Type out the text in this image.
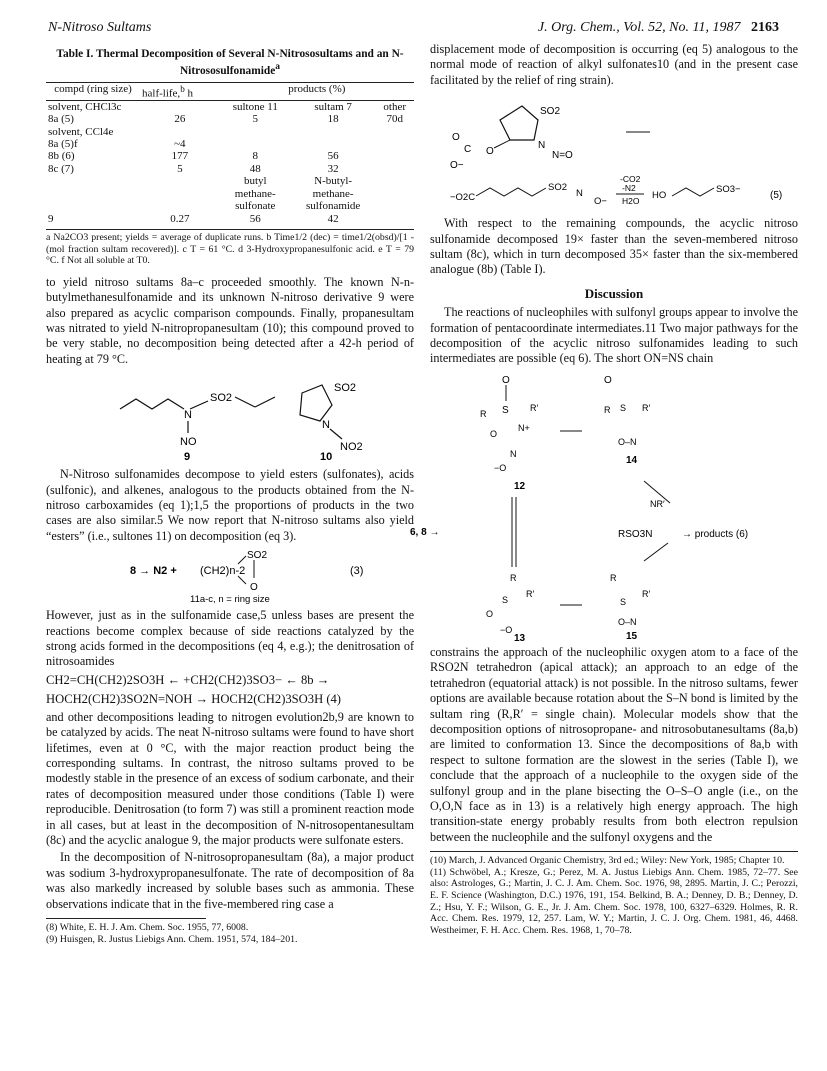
N-Nitroso Sultams	J. Org. Chem., Vol. 52, No. 11, 1987 2163
Table I. Thermal Decomposition of Several N-Nitrososultams and an N-Nitrososulfonamide$^a$
compd (ring size)	half-life,$^b$ h	products (%)		
solvent, CHCl3c		sultone 11	sultam 7	other
8a (5)	26	5	18	70d
solvent, CCl4e				
8a (5)f	~4			
8b (6)	177	8	56	
8c (7)	5	48	32	
		butyl	N-butyl-	
		methane-	methane-	
		sulfonate	sulfonamide	
9	0.27	56	42	
a Na2CO3 present; yields = average of duplicate runs. b Time1/2 (dec) = time1/2(obsd)/[1 - (mol fraction sultam recovered)]. c T = 61 °C. d 3-Hydroxypropanesulfonic acid. e T = 79 °C. f Not all soluble at T0.

to yield nitroso sultams 8a–c proceeded smoothly. The known N-n-butylmethanesulfonamide and its unknown N-nitroso derivative 9 were also prepared as acyclic comparison compounds. Finally, propanesultam was nitrated to yield N-nitropropanesultam (10); this compound proved to be very stable, no decomposition being detected after a 42-h period of heating at 79 °C.

N
SO2
NO
9
SO2
N
NO2
10

N-Nitroso sulfonamides decompose to yield esters (sulfonates), acids (sulfonic), and alkenes, analogous to the products obtained from the N-nitroso carboxamides (eq 1);1,5 the proportions of products in the two cases are also similar.5 We now report that N-nitroso sultams also yield “esters” (i.e., sultones 11) on decomposition (eq 3).

8 → N2 + (CH2)n-2
SO2
O
(3)
11a-c, n = ring size

However, just as in the sulfonamide case,5 unless bases are present the reactions become complex because of side reactions catalyzed by the strong acids formed in the decompositions (eq 4, e.g.); the denitrosation of nitrosoamides

CH2=CH(CH2)2SO3H ← +CH2(CH2)3SO3− ← 8b →
HOCH2(CH2)3SO2N=NOH → HOCH2(CH2)3SO3H (4)

and other decompositions leading to nitrogen evolution2b,9 are known to be catalyzed by acids. The neat N-nitroso sultams were found to have short lifetimes, even at 0 °C, with the major reaction product being the corresponding sultams. In contrast, the nitroso sultams proved to be modestly stable in the presence of an excess of sodium carbonate, and their rates of decomposition measured under those conditions (Table I) were reproducible. Denitrosation (to form 7) was still a prominent reaction mode in all cases, but at least in the decomposition of N-nitrosopentanesultam (8c) and the acyclic analogue 9, the major products were sulfonate esters.

In the decomposition of N-nitrosopropanesultam (8a), a major product was sodium 3-hydroxypropanesulfonate. The rate of decomposition of 8a was also markedly increased by soluble bases such as ammonia. These observations indicate that in the five-membered ring case a

(8) White, E. H. J. Am. Chem. Soc. 1955, 77, 6008.

(9) Huisgen, R. Justus Liebigs Ann. Chem. 1951, 574, 184–201.

displacement mode of decomposition is occurring (eq 5) analogous to the normal mode of reaction of alkyl sulfonates10 (and in the present case facilitated by the relief of ring strain).

SO2
N
N=O
O
C O
O−
−O2C
SO2
N
O−
-CO2
-N2
H2O HO
SO3−
(5)

With respect to the remaining compounds, the acyclic nitroso sulfonamide decomposed 19× faster than the seven-membered nitroso sultam (8c), which in turn decomposed 35× faster than the six-membered analogue (8b) (Table I).

Discussion

The reactions of nucleophiles with sulfonyl groups appear to involve the formation of pentacoordinate intermediates.11 Two major pathways for the decomposition of the acyclic nitroso sulfonamides leading to such intermediates are possible (eq 6). The short ON=NS chain

O
S
R
R′
O
N+
N
−O
12
O
S
R	R′
O–N
14
6, 8 →
NR′
RSO3N	→ products (6)
R
S
R′
O
−O
13
R
S
R′
O–N
15

constrains the approach of the nucleophilic oxygen atom to a face of the RSO2N tetrahedron (apical attack); an approach to an edge of the tetrahedron (equatorial attack) is not possible. In the nitroso sultams, fewer options are available because rotation about the S–N bond is limited by the sultam ring (R,R′ = single chain). Molecular models show that the decomposition options of nitrosopropane- and nitrosobutanesultams (8a,b) are limited to conformation 13. Since the decompositions of 8a,b with respect to sultone formation are the slowest in the series (Table I), we conclude that the approach of a nucleophile to the oxygen side of the sulfonyl group and in the plane bisecting the O–S–O angle (i.e., on the O,O,N face as in 13) is a relatively high energy approach. The high transition-state energy probably results from both electron repulsion between the nucleophile and the sulfonyl oxygens and the

(10) March, J. Advanced Organic Chemistry, 3rd ed.; Wiley: New York, 1985; Chapter 10.

(11) Schwöbel, A.; Kresze, G.; Perez, M. A. Justus Liebigs Ann. Chem. 1985, 72–77. See also: Astrologes, G.; Martin, J. C. J. Am. Chem. Soc. 1976, 98, 2895. Martin, J. C.; Perozzi, E. F. Science (Washington, D.C.) 1976, 191, 154. Belkind, B. A.; Denney, D. B.; Denney, D. Z.; Hsu, Y. F.; Wilson, G. E., Jr. J. Am. Chem. Soc. 1978, 100, 6327–6329. Holmes, R. R. Acc. Chem. Res. 1979, 12, 257. Lam, W. Y.; Martin, J. C. J. Org. Chem. 1981, 46, 4468. Westheimer, F. H. Acc. Chem. Res. 1968, 1, 70–78.
